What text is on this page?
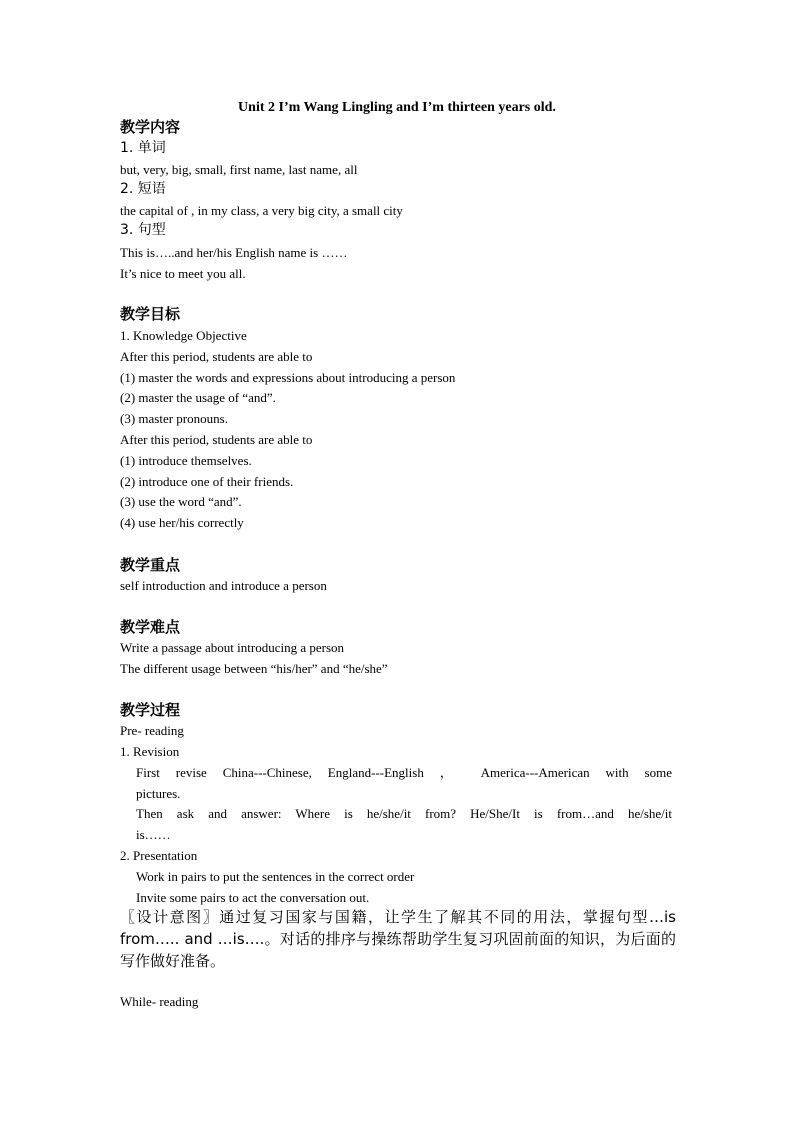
Unit 2 I’m Wang Lingling and I’m thirteen years old.
教学内容
1. 单词
but, very, big, small, first name, last name, all
2. 短语
the capital of , in my class, a very big city, a small city
3. 句型
This is…..and her/his English name is ……
It’s nice to meet you all.
教学目标
1. Knowledge Objective
After this period, students are able to
(1) master the words and expressions about introducing a person
(2) master the usage of “and”.
(3) master pronouns.
After this period, students are able to
(1) introduce themselves.
(2) introduce one of their friends.
(3) use the word “and”.
(4) use her/his correctly
教学重点
self introduction and introduce a person
教学难点
Write a passage about introducing a person
The different usage between “his/her” and “he/she”
教学过程
Pre- reading
1. Revision
First revise China---Chinese, England---English ， America---American with some
pictures.
Then ask and answer: Where is he/she/it from? He/She/It is from…and he/she/it
is……
2. Presentation
Work in pairs to put the sentences in the correct order
Invite some pairs to act the conversation out.
〖设计意图〗通过复习国家与国籍，让学生了解其不同的用法，掌握句型…is from….. and …is….。对话的排序与操练帮助学生复习巩固前面的知识，为后面的写作做好准备。
While- reading
